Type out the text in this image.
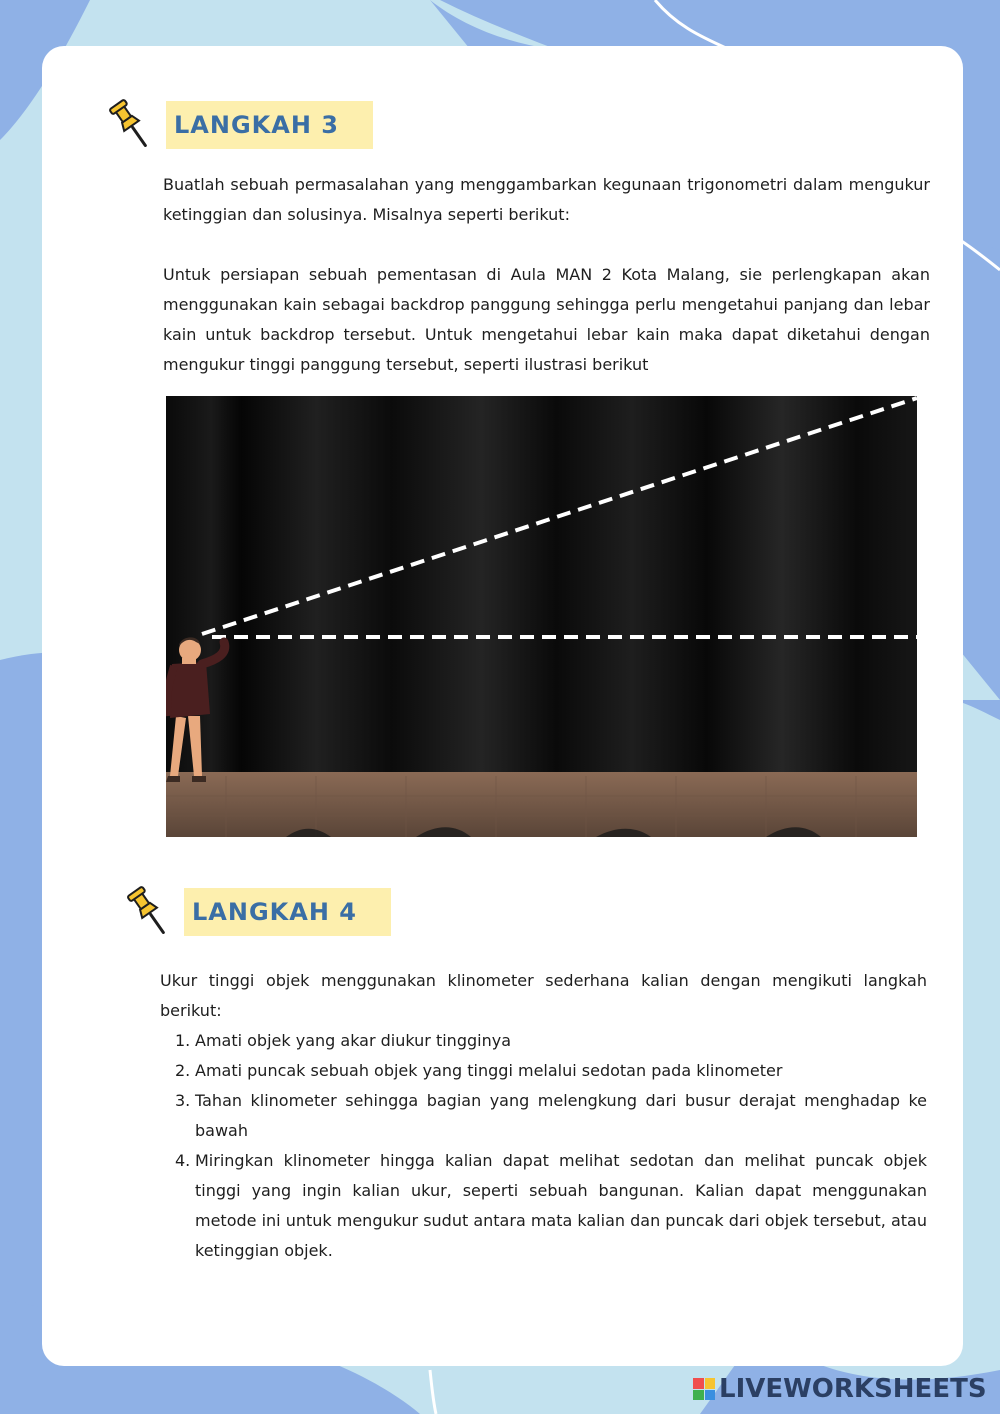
LANGKAH 3

Buatlah sebuah permasalahan yang menggambarkan kegunaan trigonometri dalam mengukur ketinggian dan solusinya. Misalnya seperti berikut:

Untuk persiapan sebuah pementasan di Aula MAN 2 Kota Malang, sie perlengkapan akan menggunakan kain sebagai backdrop panggung sehingga perlu mengetahui panjang dan lebar kain untuk backdrop tersebut. Untuk mengetahui lebar kain maka dapat diketahui dengan mengukur tinggi panggung tersebut, seperti ilustrasi berikut

LANGKAH 4
Ukur tinggi objek menggunakan klinometer sederhana kalian dengan mengikuti langkah berikut:
1. Amati objek yang akar diukur tingginya
2. Amati puncak sebuah objek yang tinggi melalui sedotan pada klinometer
3. Tahan klinometer sehingga bagian yang melengkung dari busur derajat menghadap ke bawah
4. Miringkan klinometer hingga kalian dapat melihat sedotan dan melihat puncak objek tinggi yang ingin kalian ukur, seperti sebuah bangunan. Kalian dapat menggunakan metode ini untuk mengukur sudut antara mata kalian dan puncak dari objek tersebut, atau ketinggian objek.
LIVEWORKSHEETS
